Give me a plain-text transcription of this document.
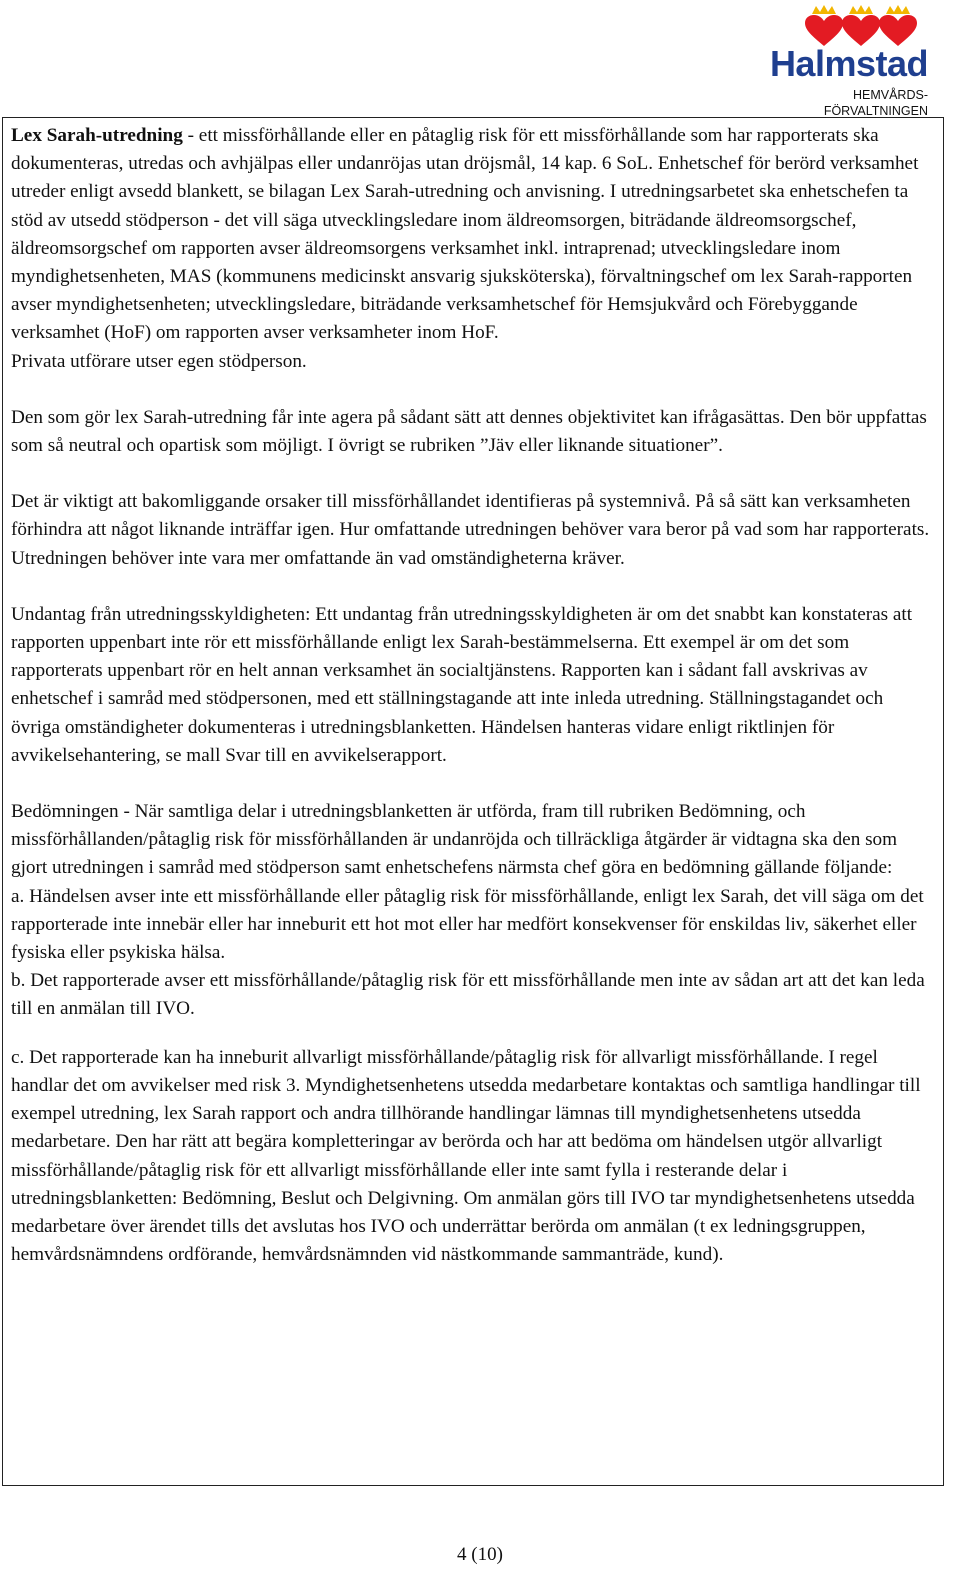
Halmstad
HEMVÅRDS-
FÖRVALTNINGEN

Lex Sarah-utredning - ett missförhållande eller en påtaglig risk för ett missförhållande som har rapporterats ska dokumenteras, utredas och avhjälpas eller undanröjas utan dröjsmål, 14 kap. 6 SoL. Enhetschef för berörd verksamhet utreder enligt avsedd blankett, se bilagan Lex Sarah-utredning och anvisning. I utredningsarbetet ska enhetschefen ta stöd av utsedd stödperson - det vill säga utvecklingsledare inom äldreomsorgen, biträdande äldreomsorgschef, äldreomsorgschef om rapporten avser äldreomsorgens verksamhet inkl. intraprenad; utvecklingsledare inom myndighetsenheten, MAS (kommunens medicinskt ansvarig sjuksköterska), förvaltningschef om lex Sarah-rapporten avser myndighetsenheten; utvecklingsledare, biträdande verksamhetschef för Hemsjukvård och Förebyggande verksamhet (HoF) om rapporten avser verksamheter inom HoF.

Privata utförare utser egen stödperson.

Den som gör lex Sarah-utredning får inte agera på sådant sätt att dennes objektivitet kan ifrågasättas. Den bör uppfattas som så neutral och opartisk som möjligt. I övrigt se rubriken ”Jäv eller liknande situationer”.

Det är viktigt att bakomliggande orsaker till missförhållandet identifieras på systemnivå. På så sätt kan verksamheten förhindra att något liknande inträffar igen. Hur omfattande utredningen behöver vara beror på vad som har rapporterats. Utredningen behöver inte vara mer omfattande än vad omständigheterna kräver.

Undantag från utredningsskyldigheten: Ett undantag från utredningsskyldigheten är om det snabbt kan konstateras att rapporten uppenbart inte rör ett missförhållande enligt lex Sarah-bestämmelserna. Ett exempel är om det som rapporterats uppenbart rör en helt annan verksamhet än socialtjänstens. Rapporten kan i sådant fall avskrivas av enhetschef i samråd med stödpersonen, med ett ställningstagande att inte inleda utredning. Ställningstagandet och övriga omständigheter dokumenteras i utredningsblanketten. Händelsen hanteras vidare enligt riktlinjen för avvikelsehantering, se mall Svar till en avvikelserapport.

Bedömningen - När samtliga delar i utredningsblanketten är utförda, fram till rubriken Bedömning, och missförhållanden/påtaglig risk för missförhållanden är undanröjda och tillräckliga åtgärder är vidtagna ska den som gjort utredningen i samråd med stödperson samt enhetschefens närmsta chef göra en bedömning gällande följande:

a. Händelsen avser inte ett missförhållande eller påtaglig risk för missförhållande, enligt lex Sarah, det vill säga om det rapporterade inte innebär eller har inneburit ett hot mot eller har medfört konsekvenser för enskildas liv, säkerhet eller fysiska eller psykiska hälsa.

b. Det rapporterade avser ett missförhållande/påtaglig risk för ett missförhållande men inte av sådan art att det kan leda till en anmälan till IVO.

c. Det rapporterade kan ha inneburit allvarligt missförhållande/påtaglig risk för allvarligt missförhållande. I regel handlar det om avvikelser med risk 3. Myndighetsenhetens utsedda medarbetare kontaktas och samtliga handlingar till exempel utredning, lex Sarah rapport och andra tillhörande handlingar lämnas till myndighetsenhetens utsedda medarbetare. Den har rätt att begära kompletteringar av berörda och har att bedöma om händelsen utgör allvarligt missförhållande/påtaglig risk för ett allvarligt missförhållande eller inte samt fylla i resterande delar i utredningsblanketten: Bedömning, Beslut och Delgivning. Om anmälan görs till IVO tar myndighetsenhetens utsedda medarbetare över ärendet tills det avslutas hos IVO och underrättar berörda om anmälan (t ex ledningsgruppen, hemvårdsnämndens ordförande, hemvårdsnämnden vid nästkommande sammanträde, kund).

4 (10)
